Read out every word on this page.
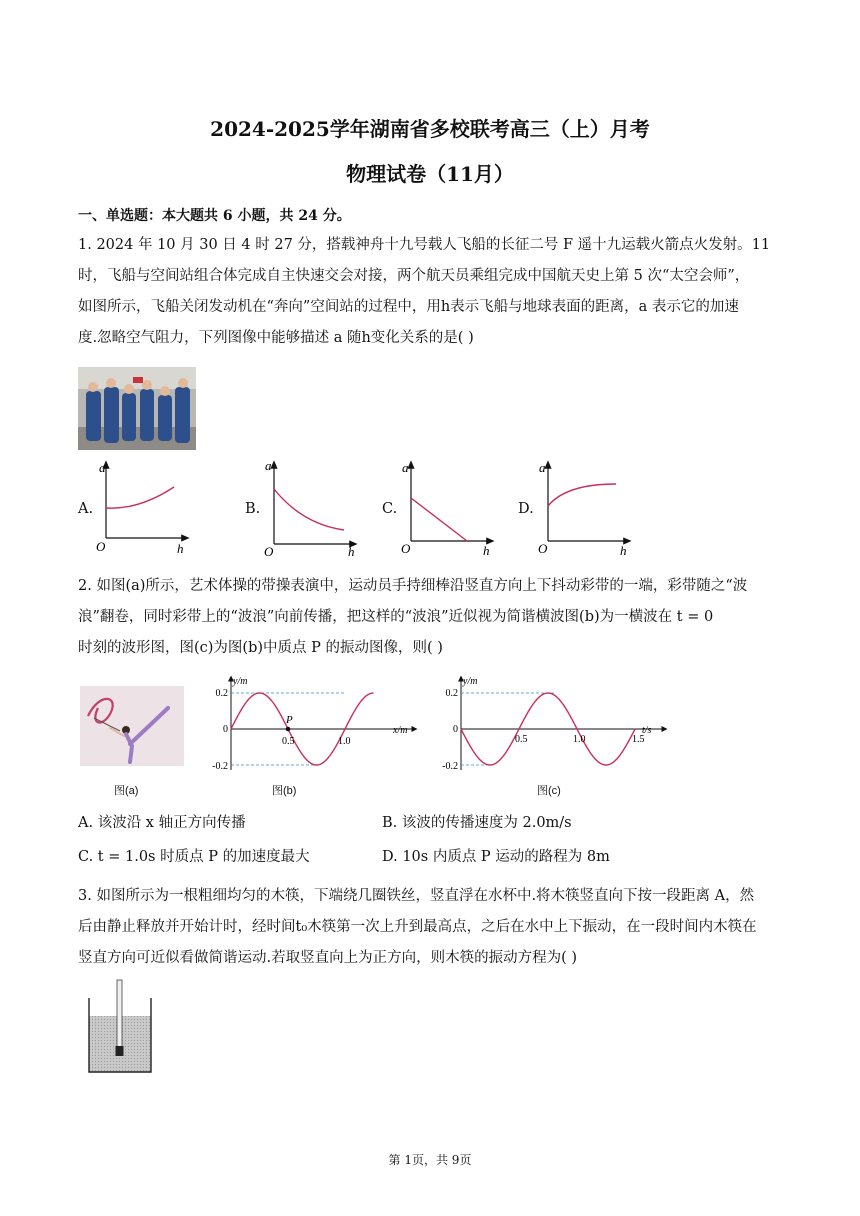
2024-2025学年湖南省多校联考高三（上）月考
物理试卷（11月）
一、单选题：本大题共 6 小题，共 24 分。
1. 2024 年 10 月 30 日 4 时 27 分，搭载神舟十九号载人飞船的长征二号 F 遥十九运载火箭点火发射。11
时，飞船与空间站组合体完成自主快速交会对接，两个航天员乘组完成中国航天史上第 5 次“太空会师”，
如图所示，飞船关闭发动机在“奔向”空间站的过程中，用h表示飞船与地球表面的距离，a 表示它的加速
度.忽略空气阻力，下列图像中能够描述 a 随h变化关系的是( )
A.
a
h
O
B.
a
h
O
C.
a
h
O
D.
a
h
O
2. 如图(a)所示，艺术体操的带操表演中，运动员手持细棒沿竖直方向上下抖动彩带的一端，彩带随之“波
浪”翻卷，同时彩带上的“波浪”向前传播，把这样的“波浪”近似视为简谐横波图(b)为一横波在 t = 0
时刻的波形图，图(c)为图(b)中质点 P 的振动图像，则( )
图(a)
0.2
0
-0.2
y/m
x/m
0.5	1.0
P
图(b)
0.2
0
-0.2
y/m
t/s
0.5	1.0	1.5
图(c)
A. 该波沿 x 轴正方向传播	B. 该波的传播速度为 2.0m/s
C. t = 1.0s 时质点 P 的加速度最大	D. 10s 内质点 P 运动的路程为 8m
3. 如图所示为一根粗细均匀的木筷，下端绕几圈铁丝，竖直浮在水杯中.将木筷竖直向下按一段距离 A，然
后由静止释放并开始计时，经时间t₀木筷第一次上升到最高点，之后在水中上下振动，在一段时间内木筷在
竖直方向可近似看做简谐运动.若取竖直向上为正方向，则木筷的振动方程为( )
第 1页，共 9页
